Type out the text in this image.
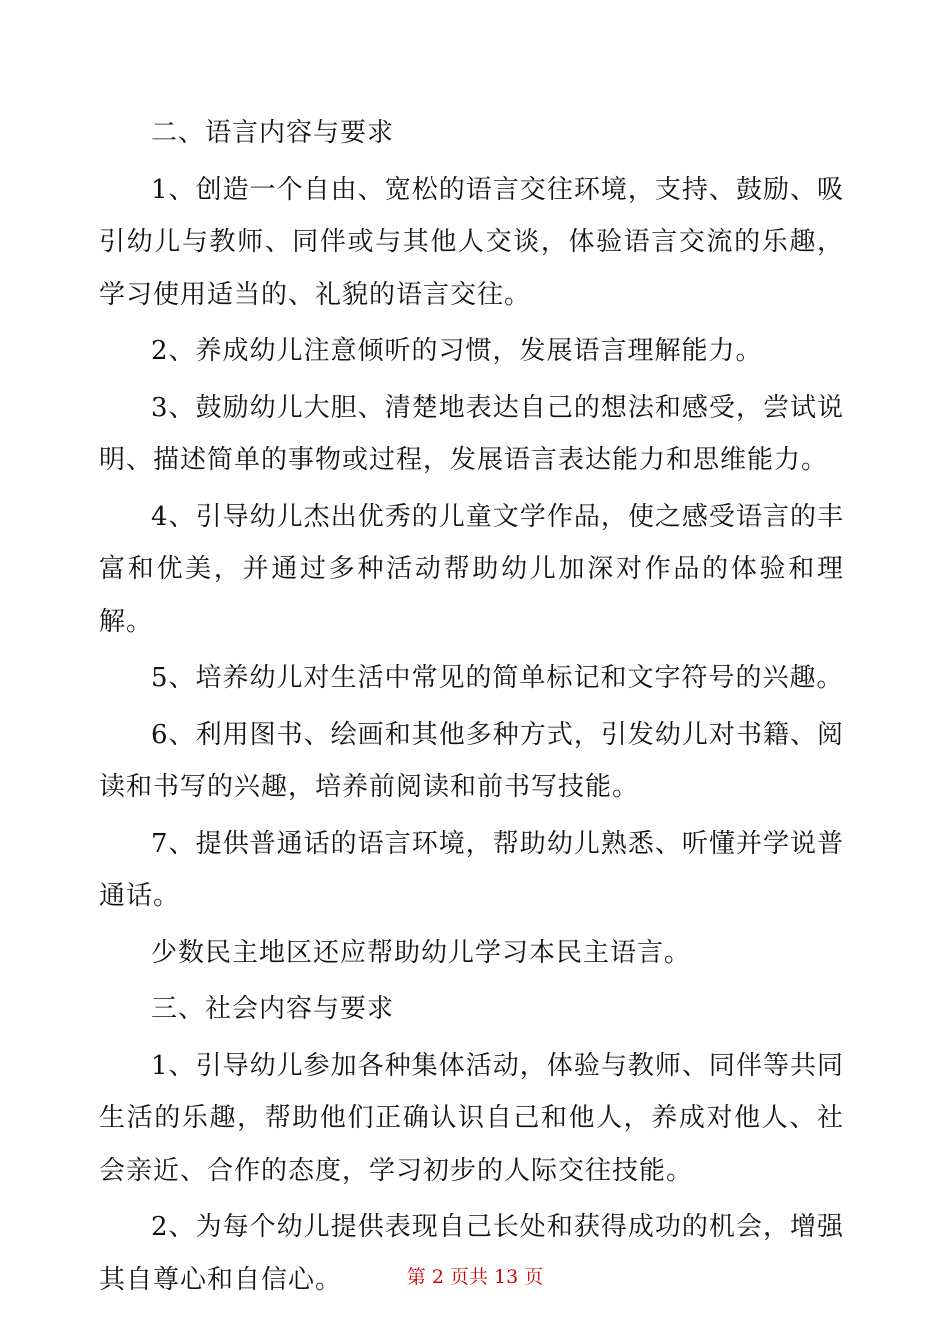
二、语言内容与要求

1、创造一个自由、宽松的语言交往环境，支持、鼓励、吸引幼儿与教师、同伴或与其他人交谈，体验语言交流的乐趣，学习使用适当的、礼貌的语言交往。

2、养成幼儿注意倾听的习惯，发展语言理解能力。

3、鼓励幼儿大胆、清楚地表达自己的想法和感受，尝试说明、描述简单的事物或过程，发展语言表达能力和思维能力。

4、引导幼儿杰出优秀的儿童文学作品，使之感受语言的丰富和优美，并通过多种活动帮助幼儿加深对作品的体验和理解。

5、培养幼儿对生活中常见的简单标记和文字符号的兴趣。

6、利用图书、绘画和其他多种方式，引发幼儿对书籍、阅读和书写的兴趣，培养前阅读和前书写技能。

7、提供普通话的语言环境，帮助幼儿熟悉、听懂并学说普通话。

少数民主地区还应帮助幼儿学习本民主语言。

三、社会内容与要求

1、引导幼儿参加各种集体活动，体验与教师、同伴等共同生活的乐趣，帮助他们正确认识自己和他人，养成对他人、社会亲近、合作的态度，学习初步的人际交往技能。

2、为每个幼儿提供表现自己长处和获得成功的机会，增强其自尊心和自信心。	第 2 页共 13 页
